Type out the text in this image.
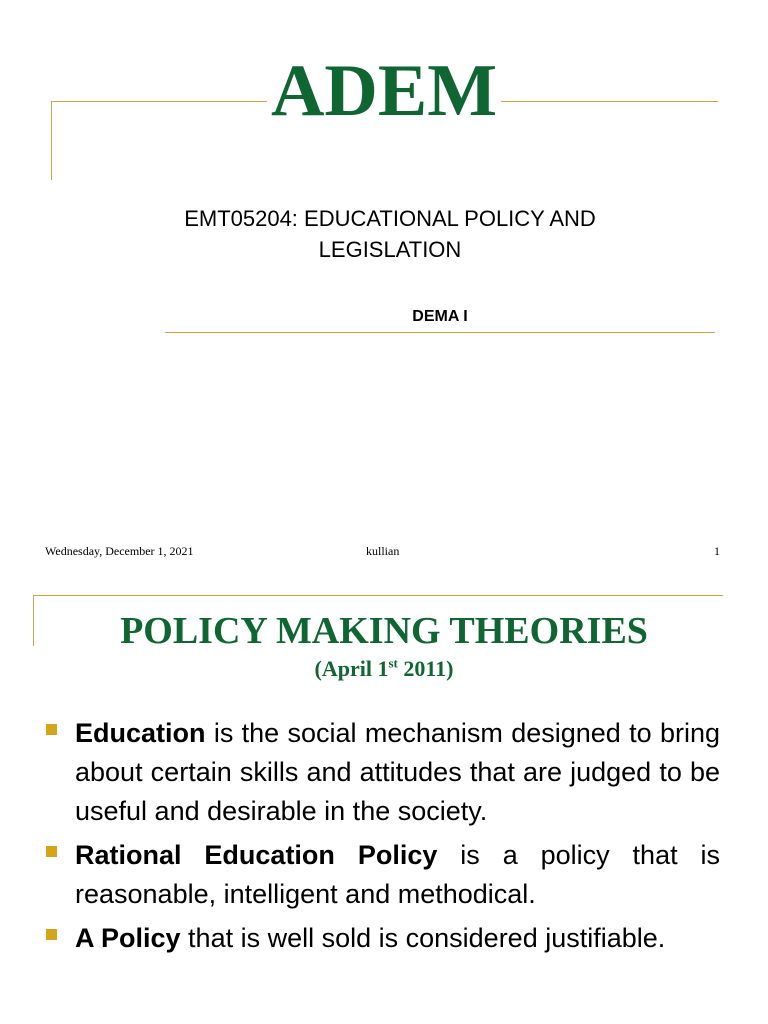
ADEM
EMT05204: EDUCATIONAL POLICY AND
LEGISLATION
DEMA I
Wednesday, December 1, 2021	kullian	1
POLICY MAKING THEORIES
(April 1st 2011)
Education is the social mechanism designed to bring about certain skills and attitudes that are judged to be useful and desirable in the society.
Rational Education Policy is a policy that is reasonable, intelligent and methodical.
A Policy that is well sold is considered justifiable.
